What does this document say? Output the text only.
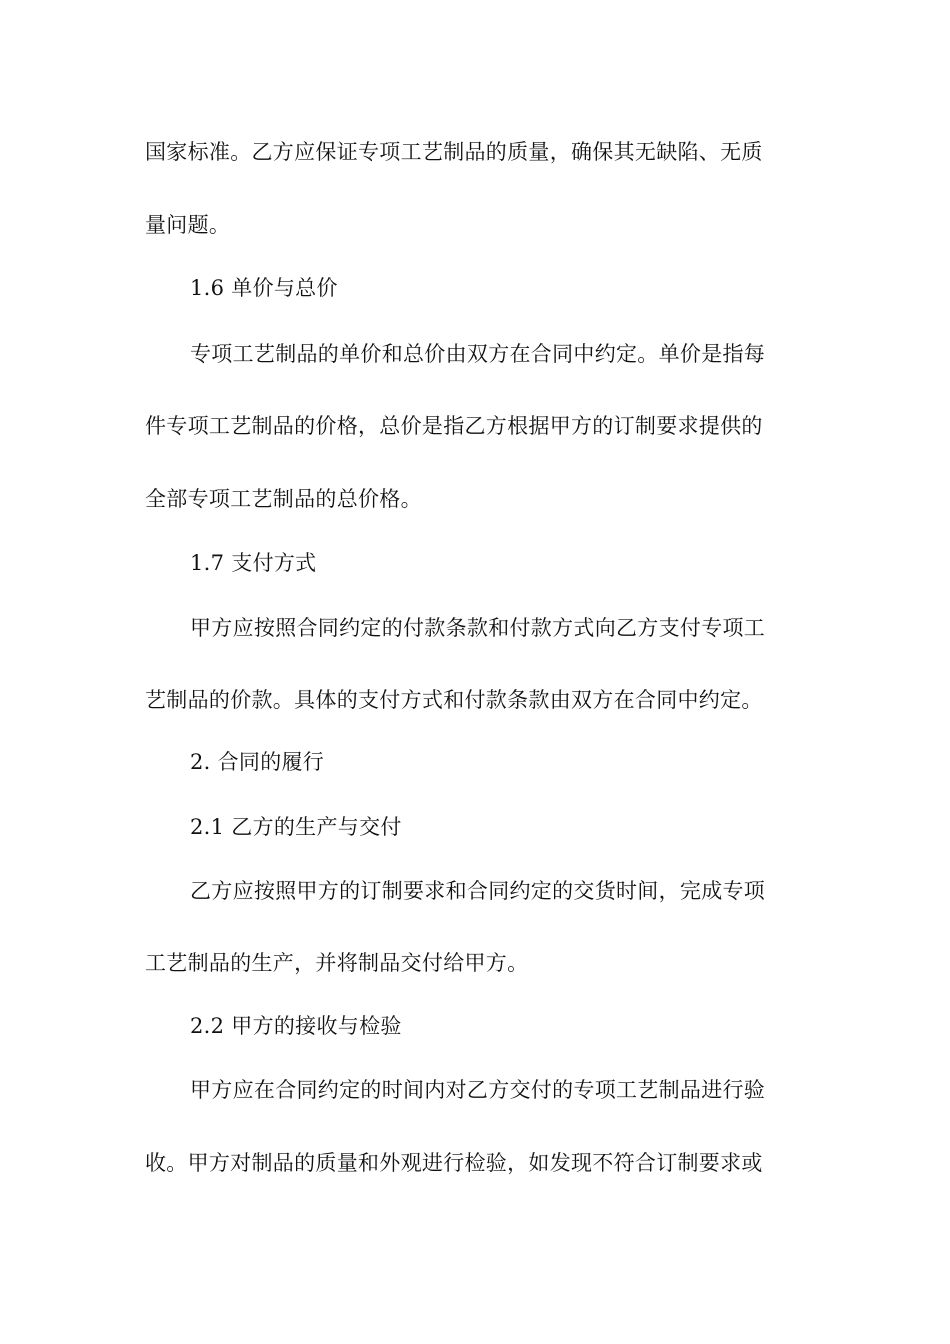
国家标准。乙方应保证专项工艺制品的质量，确保其无缺陷、无质
量问题。
1.6 单价与总价
专项工艺制品的单价和总价由双方在合同中约定。单价是指每
件专项工艺制品的价格，总价是指乙方根据甲方的订制要求提供的
全部专项工艺制品的总价格。
1.7 支付方式
甲方应按照合同约定的付款条款和付款方式向乙方支付专项工
艺制品的价款。具体的支付方式和付款条款由双方在合同中约定。
2. 合同的履行
2.1 乙方的生产与交付
乙方应按照甲方的订制要求和合同约定的交货时间，完成专项
工艺制品的生产，并将制品交付给甲方。
2.2 甲方的接收与检验
甲方应在合同约定的时间内对乙方交付的专项工艺制品进行验
收。甲方对制品的质量和外观进行检验，如发现不符合订制要求或
